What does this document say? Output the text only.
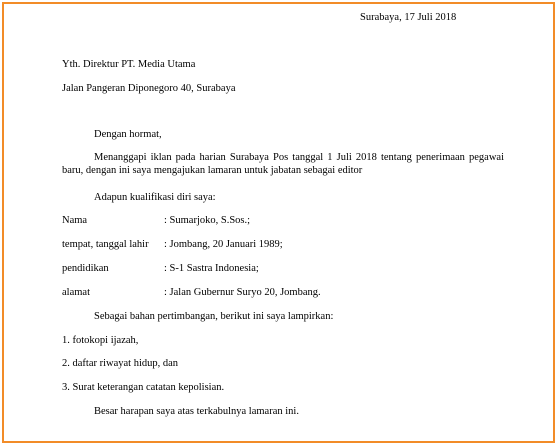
Surabaya, 17 Juli 2018
Yth. Direktur PT. Media Utama
Jalan Pangeran Diponegoro 40, Surabaya
Dengan hormat,
Menanggapi iklan pada harian Surabaya Pos tanggal 1 Juli 2018 tentang penerimaan pegawai baru, dengan ini saya mengajukan lamaran untuk jabatan sebagai editor
Adapun kualifikasi diri saya:
Nama	: Sumarjoko, S.Sos.;
tempat, tanggal lahir : Jombang, 20 Januari 1989;
pendidikan	: S-1 Sastra Indonesia;
alamat	: Jalan Gubernur Suryo 20, Jombang.
Sebagai bahan pertimbangan, berikut ini saya lampirkan:
1. fotokopi ijazah,
2. daftar riwayat hidup, dan
3. Surat keterangan catatan kepolisian.
Besar harapan saya atas terkabulnya lamaran ini.
